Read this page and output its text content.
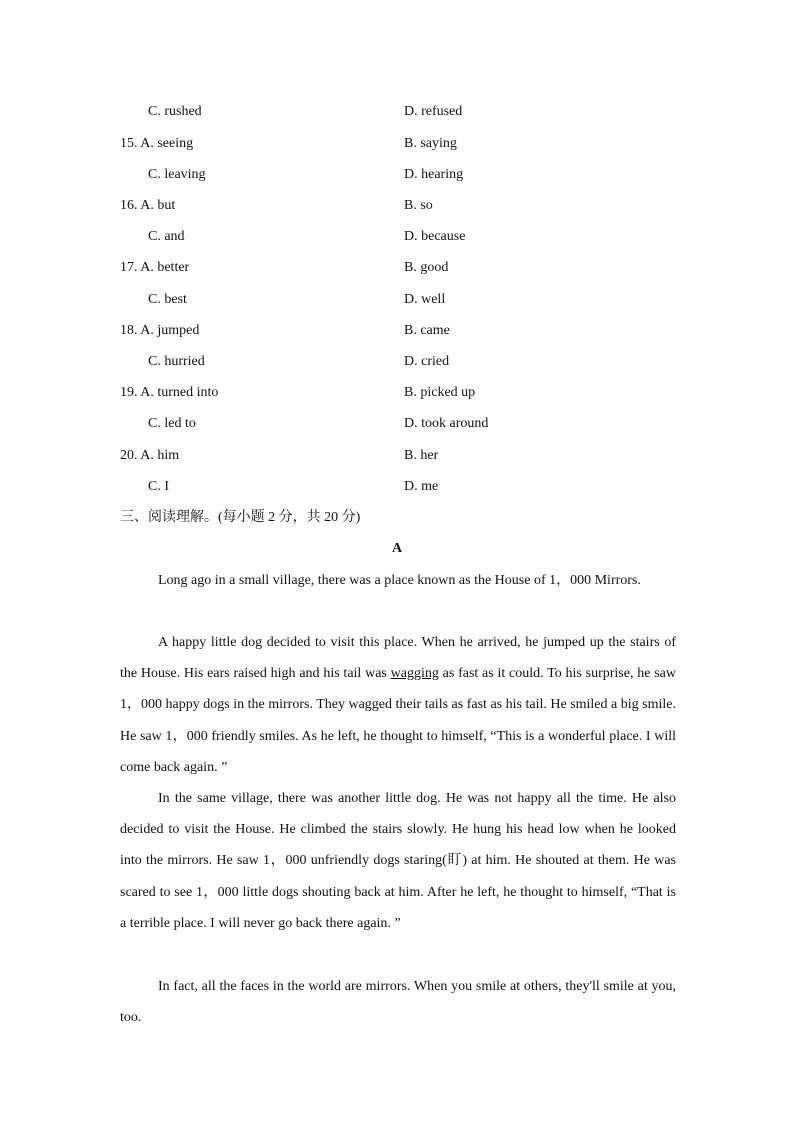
C. rushed	D. refused
15. A. seeing	B. saying
C. leaving	D. hearing
16. A. but	B. so
C. and	D. because
17. A. better	B. good
C. best	D. well
18. A. jumped	B. came
C. hurried	D. cried
19. A. turned into	B. picked up
C. led to	D. took around
20. A. him	B. her
C. I	D. me
三、阅读理解。(每小题 2 分，共 20 分)
A
Long ago in a small village, there was a place known as the House of 1，000 Mirrors.
A happy little dog decided to visit this place. When he arrived, he jumped up the stairs of the House. His ears raised high and his tail was wagging as fast as it could. To his surprise, he saw 1，000 happy dogs in the mirrors. They wagged their tails as fast as his tail. He smiled a big smile. He saw 1，000 friendly smiles. As he left, he thought to himself, “This is a wonderful place. I will come back again. ”
In the same village, there was another little dog. He was not happy all the time. He also decided to visit the House. He climbed the stairs slowly. He hung his head low when he looked into the mirrors. He saw 1，000 unfriendly dogs staring(盯) at him. He shouted at them. He was scared to see 1，000 little dogs shouting back at him. After he left, he thought to himself, “That is a terrible place. I will never go back there again. ”
In fact, all the faces in the world are mirrors. When you smile at others, they'll smile at you, too.
